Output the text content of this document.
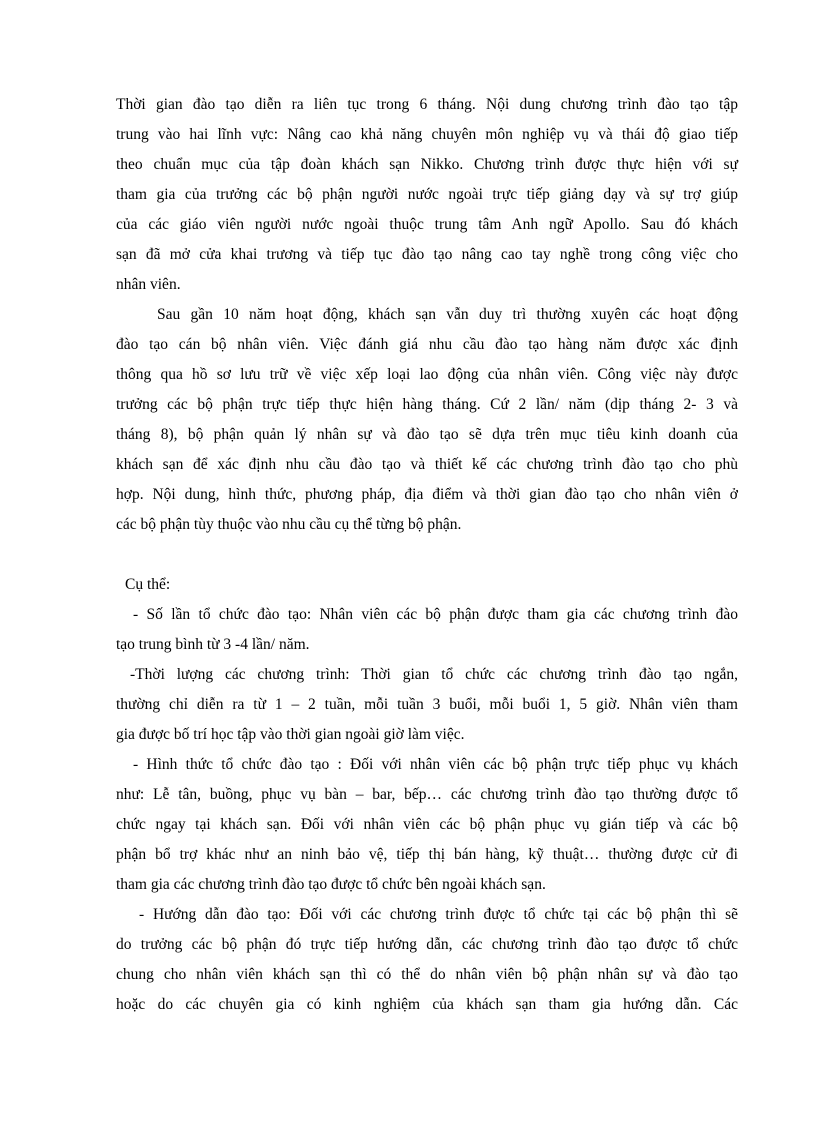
Thời gian đào tạo diễn ra liên tục trong 6 tháng. Nội dung chương trình đào tạo tập
trung vào hai lĩnh vực: Nâng cao khả năng chuyên môn nghiệp vụ và thái độ giao tiếp
theo chuẩn mục của tập đoàn khách sạn Nikko. Chương trình được thực hiện với sự
tham gia của trưởng các bộ phận người nước ngoài trực tiếp giảng dạy và sự trợ giúp
của các giáo viên người nước ngoài thuộc trung tâm Anh ngữ Apollo. Sau đó khách
sạn đã mở cửa khai trương và tiếp tục đào tạo nâng cao tay nghề trong công việc cho
nhân viên.
Sau gần 10 năm hoạt động, khách sạn vẫn duy trì thường xuyên các hoạt động
đào tạo cán bộ nhân viên. Việc đánh giá nhu cầu đào tạo hàng năm được xác định
thông qua hồ sơ lưu trữ về việc xếp loại lao động của nhân viên. Công việc này được
trưởng các bộ phận trực tiếp thực hiện hàng tháng. Cứ 2 lần/ năm (dịp tháng 2- 3 và
tháng 8), bộ phận quản lý nhân sự và đào tạo sẽ dựa trên mục tiêu kinh doanh của
khách sạn để xác định nhu cầu đào tạo và thiết kế các chương trình đào tạo cho phù
hợp. Nội dung, hình thức, phương pháp, địa điểm và thời gian đào tạo cho nhân viên ở
các bộ phận tùy thuộc vào nhu cầu cụ thể từng bộ phận.
Cụ thể:
- Số lần tổ chức đào tạo: Nhân viên các bộ phận được tham gia các chương trình đào
tạo trung bình từ 3 -4 lần/ năm.
-Thời lượng các chương trình: Thời gian tổ chức các chương trình đào tạo ngắn,
thường chỉ diễn ra từ 1 – 2 tuần, mỗi tuần 3 buổi, mỗi buổi 1, 5 giờ. Nhân viên tham
gia được bố trí học tập vào thời gian ngoài giờ làm việc.
- Hình thức tổ chức đào tạo : Đối với nhân viên các bộ phận trực tiếp phục vụ khách
như: Lễ tân, buồng, phục vụ bàn – bar, bếp… các chương trình đào tạo thường được tổ
chức ngay tại khách sạn. Đối với nhân viên các bộ phận phục vụ gián tiếp và các bộ
phận bổ trợ khác như an ninh bảo vệ, tiếp thị bán hàng, kỹ thuật… thường được cử đi
tham gia các chương trình đào tạo được tổ chức bên ngoài khách sạn.
- Hướng dẫn đào tạo: Đối với các chương trình được tổ chức tại các bộ phận thì sẽ
do trưởng các bộ phận đó trực tiếp hướng dẫn, các chương trình đào tạo được tổ chức
chung cho nhân viên khách sạn thì có thể do nhân viên bộ phận nhân sự và đào tạo
hoặc do các chuyên gia có kinh nghiệm của khách sạn tham gia hướng dẫn. Các
